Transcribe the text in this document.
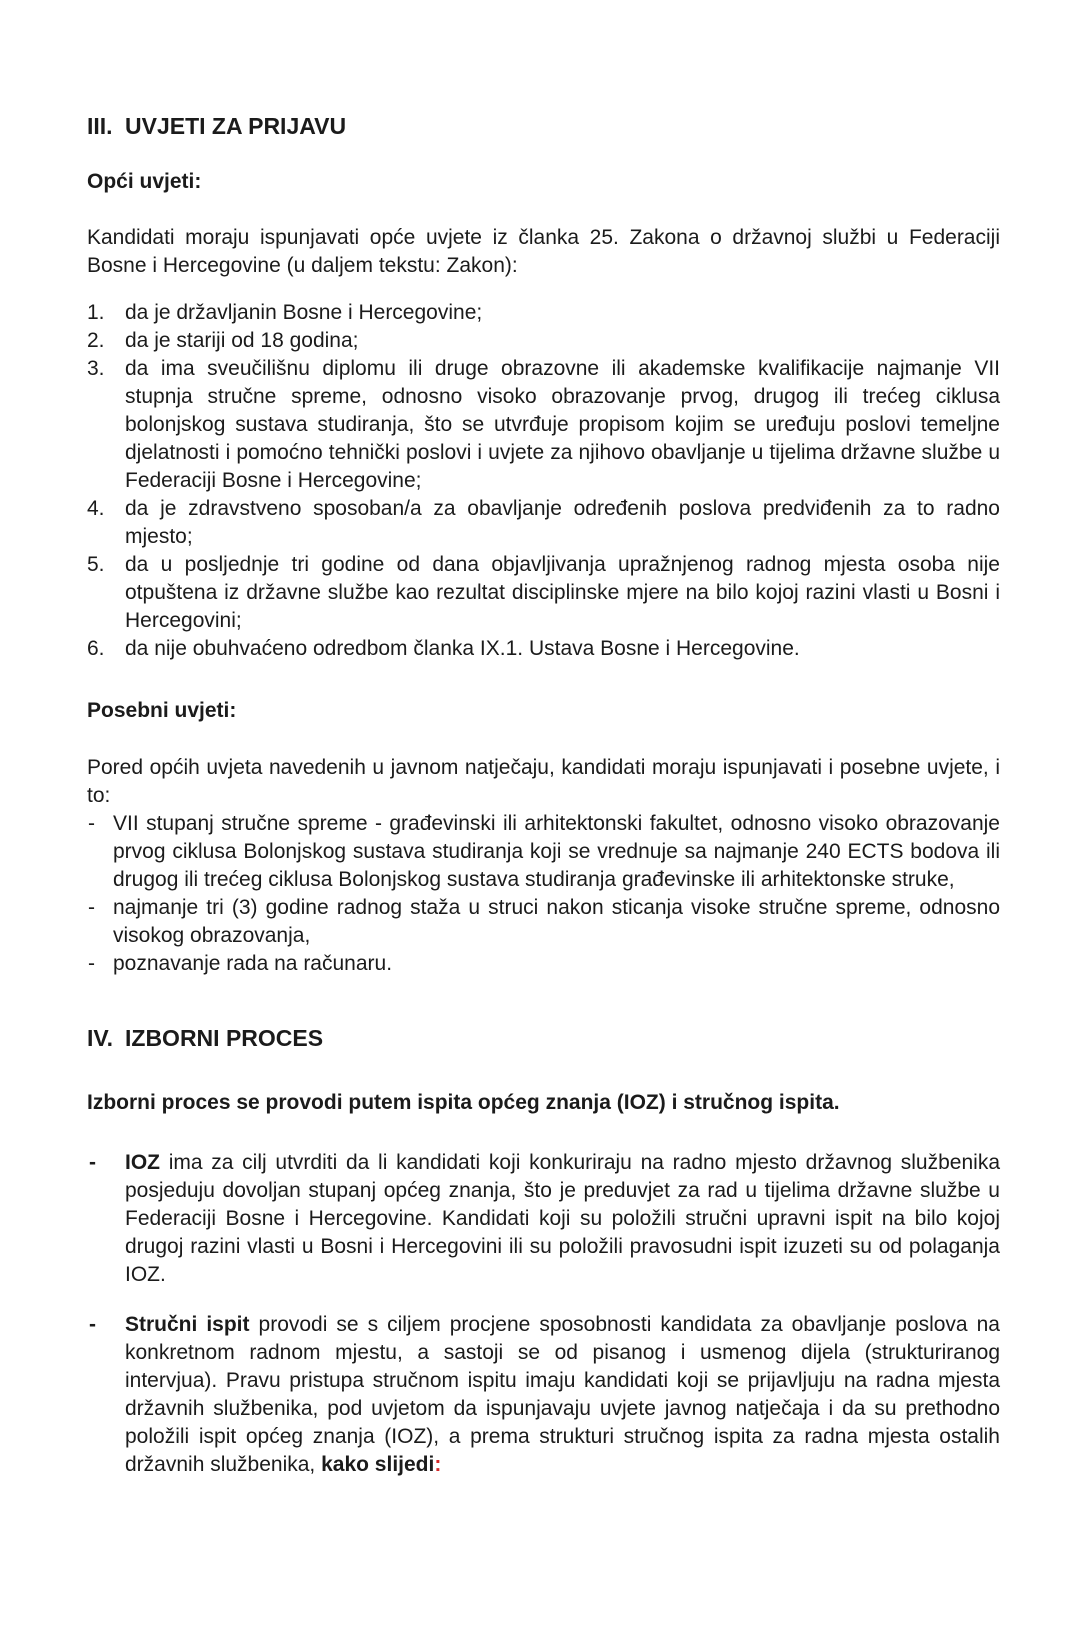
III. UVJETI ZA PRIJAVU
Opći uvjeti:

Kandidati moraju ispunjavati opće uvjete iz članka 25. Zakona o državnoj službi u Federaciji Bosne i Hercegovine (u daljem tekstu: Zakon):

1. da je državljanin Bosne i Hercegovine;
2. da je stariji od 18 godina;
3. da ima sveučilišnu diplomu ili druge obrazovne ili akademske kvalifikacije najmanje VII stupnja stručne spreme, odnosno visoko obrazovanje prvog, drugog ili trećeg ciklusa bolonjskog sustava studiranja, što se utvrđuje propisom kojim se uređuju poslovi temeljne djelatnosti i pomoćno tehnički poslovi i uvjete za njihovo obavljanje u tijelima državne službe u Federaciji Bosne i Hercegovine;
4. da je zdravstveno sposoban/a za obavljanje određenih poslova predviđenih za to radno mjesto;
5. da u posljednje tri godine od dana objavljivanja upražnjenog radnog mjesta osoba nije otpuštena iz državne službe kao rezultat disciplinske mjere na bilo kojoj razini vlasti u Bosni i Hercegovini;
6. da nije obuhvaćeno odredbom članka IX.1. Ustava Bosne i Hercegovine.
Posebni uvjeti:

Pored općih uvjeta navedenih u javnom natječaju, kandidati moraju ispunjavati i posebne uvjete, i to:

- VII stupanj stručne spreme - građevinski ili arhitektonski fakultet, odnosno visoko obrazovanje prvog ciklusa Bolonjskog sustava studiranja koji se vrednuje sa najmanje 240 ECTS bodova ili drugog ili trećeg ciklusa Bolonjskog sustava studiranja građevinske ili arhitektonske struke,
- najmanje tri (3) godine radnog staža u struci nakon sticanja visoke stručne spreme, odnosno visokog obrazovanja,
- poznavanje rada na računaru.
IV. IZBORNI PROCES

Izborni proces se provodi putem ispita općeg znanja (IOZ) i stručnog ispita.

- IOZ ima za cilj utvrditi da li kandidati koji konkuriraju na radno mjesto državnog službenika posjeduju dovoljan stupanj općeg znanja, što je preduvjet za rad u tijelima državne službe u Federaciji Bosne i Hercegovine. Kandidati koji su položili stručni upravni ispit na bilo kojoj drugoj razini vlasti u Bosni i Hercegovini ili su položili pravosudni ispit izuzeti su od polaganja IOZ.
- Stručni ispit provodi se s ciljem procjene sposobnosti kandidata za obavljanje poslova na konkretnom radnom mjestu, a sastoji se od pisanog i usmenog dijela (strukturiranog intervjua). Pravu pristupa stručnom ispitu imaju kandidati koji se prijavljuju na radna mjesta državnih službenika, pod uvjetom da ispunjavaju uvjete javnog natječaja i da su prethodno položili ispit općeg znanja (IOZ), a prema strukturi stručnog ispita za radna mjesta ostalih državnih službenika, kako slijedi:
